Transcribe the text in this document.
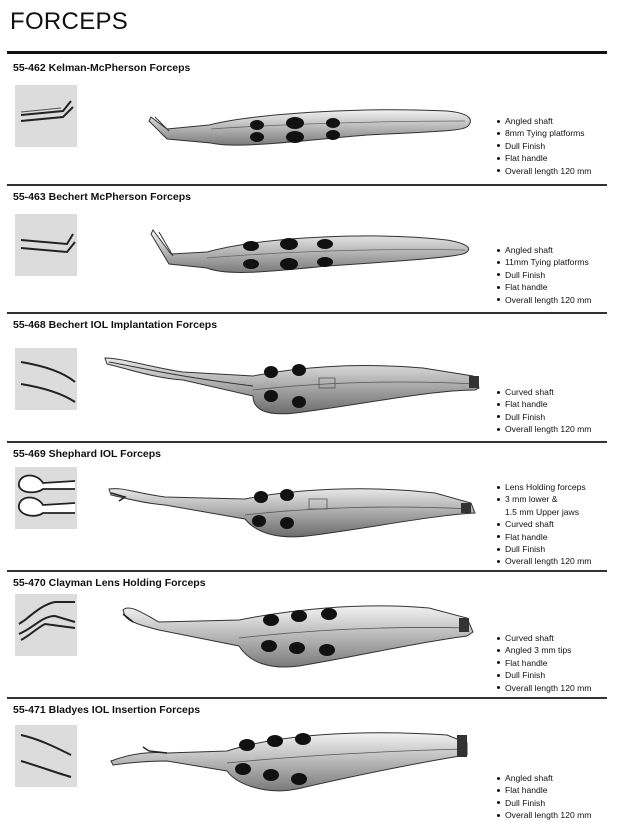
FORCEPS
55-462 Kelman-McPherson Forceps
Angled shaft
8mm Tying platforms
Dull Finish
Flat handle
Overall length 120 mm
55-463 Bechert McPherson Forceps
Angled shaft
11mm Tying platforms
Dull Finish
Flat handle
Overall length 120 mm
55-468 Bechert IOL Implantation Forceps
Curved shaft
Flat handle
Dull Finish
Overall length 120 mm
55-469 Shephard IOL Forceps
Lens Holding forceps
3 mm lower &
1.5 mm Upper jaws
Curved shaft
Flat handle
Dull Finish
Overall length 120 mm
55-470 Clayman Lens Holding Forceps
Curved shaft
Angled 3 mm tips
Flat handle
Dull Finish
Overall length 120 mm
55-471 Bladyes IOL Insertion Forceps
Angled shaft
Flat handle
Dull Finish
Overall length 120 mm
